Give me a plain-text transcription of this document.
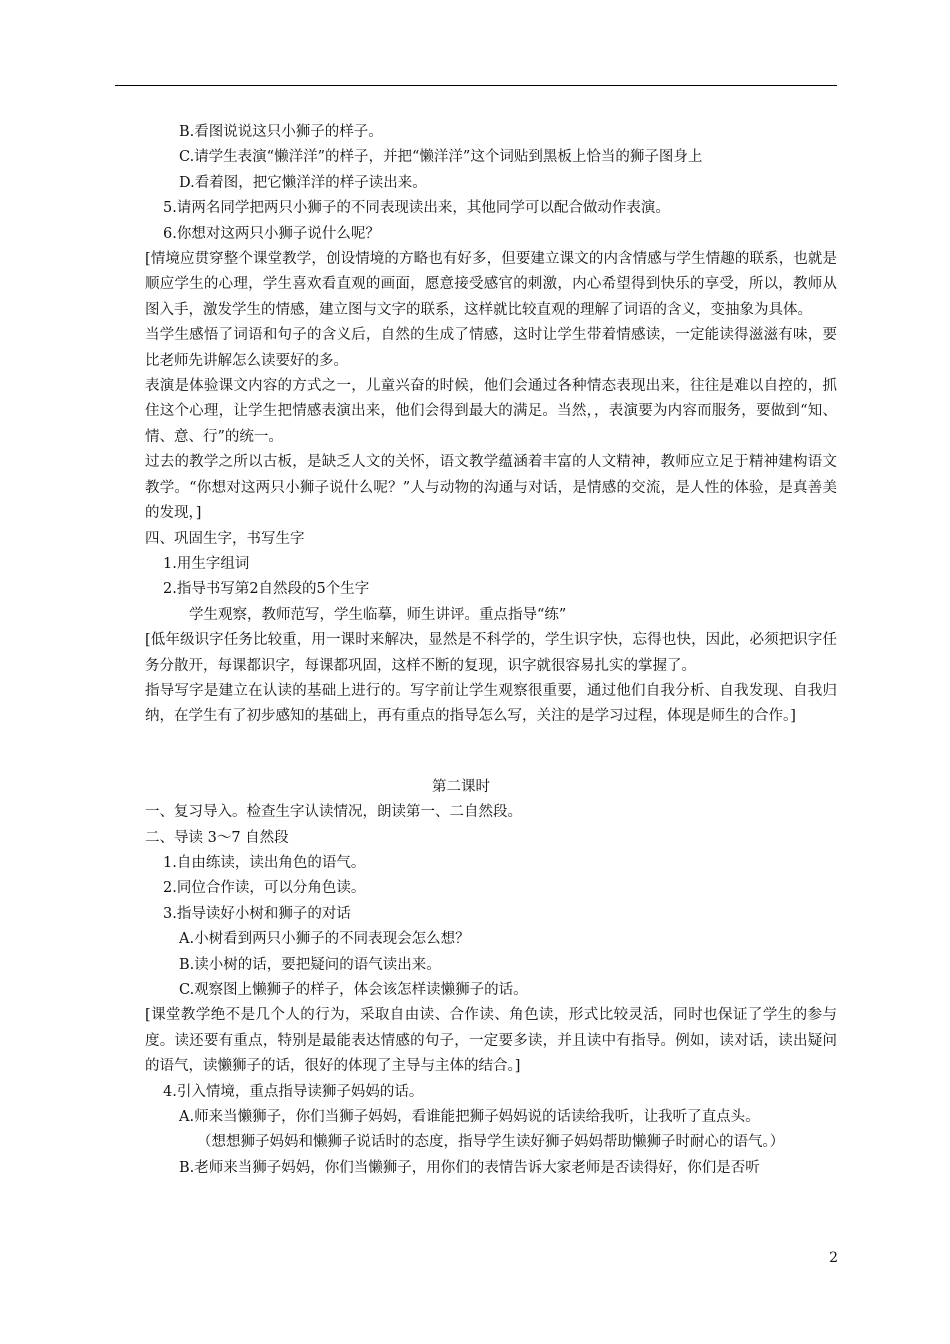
B.看图说说这只小狮子的样子。

C.请学生表演“懒洋洋”的样子，并把“懒洋洋”这个词贴到黑板上恰当的狮子图身上

D.看着图，把它懒洋洋的样子读出来。

5.请两名同学把两只小狮子的不同表现读出来，其他同学可以配合做动作表演。

6.你想对这两只小狮子说什么呢？

[情境应贯穿整个课堂教学，创设情境的方略也有好多，但要建立课文的内含情感与学生情趣的联系，也就是顺应学生的心理，学生喜欢看直观的画面，愿意接受感官的刺激，内心希望得到快乐的享受，所以，教师从图入手，激发学生的情感，建立图与文字的联系，这样就比较直观的理解了词语的含义，变抽象为具体。

当学生感悟了词语和句子的含义后，自然的生成了情感，这时让学生带着情感读，一定能读得滋滋有味，要比老师先讲解怎么读要好的多。

表演是体验课文内容的方式之一，儿童兴奋的时候，他们会通过各种情态表现出来，往往是难以自控的，抓住这个心理，让学生把情感表演出来，他们会得到最大的满足。当然，，表演要为内容而服务，要做到“知、情、意、行”的统一。

过去的教学之所以古板，是缺乏人文的关怀，语文教学蕴涵着丰富的人文精神，教师应立足于精神建构语文教学。“你想对这两只小狮子说什么呢？”人与动物的沟通与对话，是情感的交流，是人性的体验，是真善美的发现，]

四、巩固生字，书写生字

1.用生字组词

2.指导书写第2自然段的5个生字

学生观察，教师范写，学生临摹，师生讲评。重点指导“练”

[低年级识字任务比较重，用一课时来解决，显然是不科学的，学生识字快，忘得也快，因此，必须把识字任务分散开，每课都识字，每课都巩固，这样不断的复现，识字就很容易扎实的掌握了。

指导写字是建立在认读的基础上进行的。写字前让学生观察很重要，通过他们自我分析、自我发现、自我归纳，在学生有了初步感知的基础上，再有重点的指导怎么写，关注的是学习过程，体现是师生的合作。]

第二课时

一、复习导入。检查生字认读情况，朗读第一、二自然段。

二、导读 3～7 自然段

1.自由练读，读出角色的语气。

2.同位合作读，可以分角色读。

3.指导读好小树和狮子的对话

A.小树看到两只小狮子的不同表现会怎么想？

B.读小树的话，要把疑问的语气读出来。

C.观察图上懒狮子的样子，体会该怎样读懒狮子的话。

[课堂教学绝不是几个人的行为，采取自由读、合作读、角色读，形式比较灵活，同时也保证了学生的参与度。读还要有重点，特别是最能表达情感的句子，一定要多读，并且读中有指导。例如，读对话，读出疑问的语气，读懒狮子的话，很好的体现了主导与主体的结合。]

4.引入情境，重点指导读狮子妈妈的话。

A.师来当懒狮子，你们当狮子妈妈，看谁能把狮子妈妈说的话读给我听，让我听了直点头。

（想想狮子妈妈和懒狮子说话时的态度，指导学生读好狮子妈妈帮助懒狮子时耐心的语气。）

B.老师来当狮子妈妈，你们当懒狮子，用你们的表情告诉大家老师是否读得好，你们是否听

2
